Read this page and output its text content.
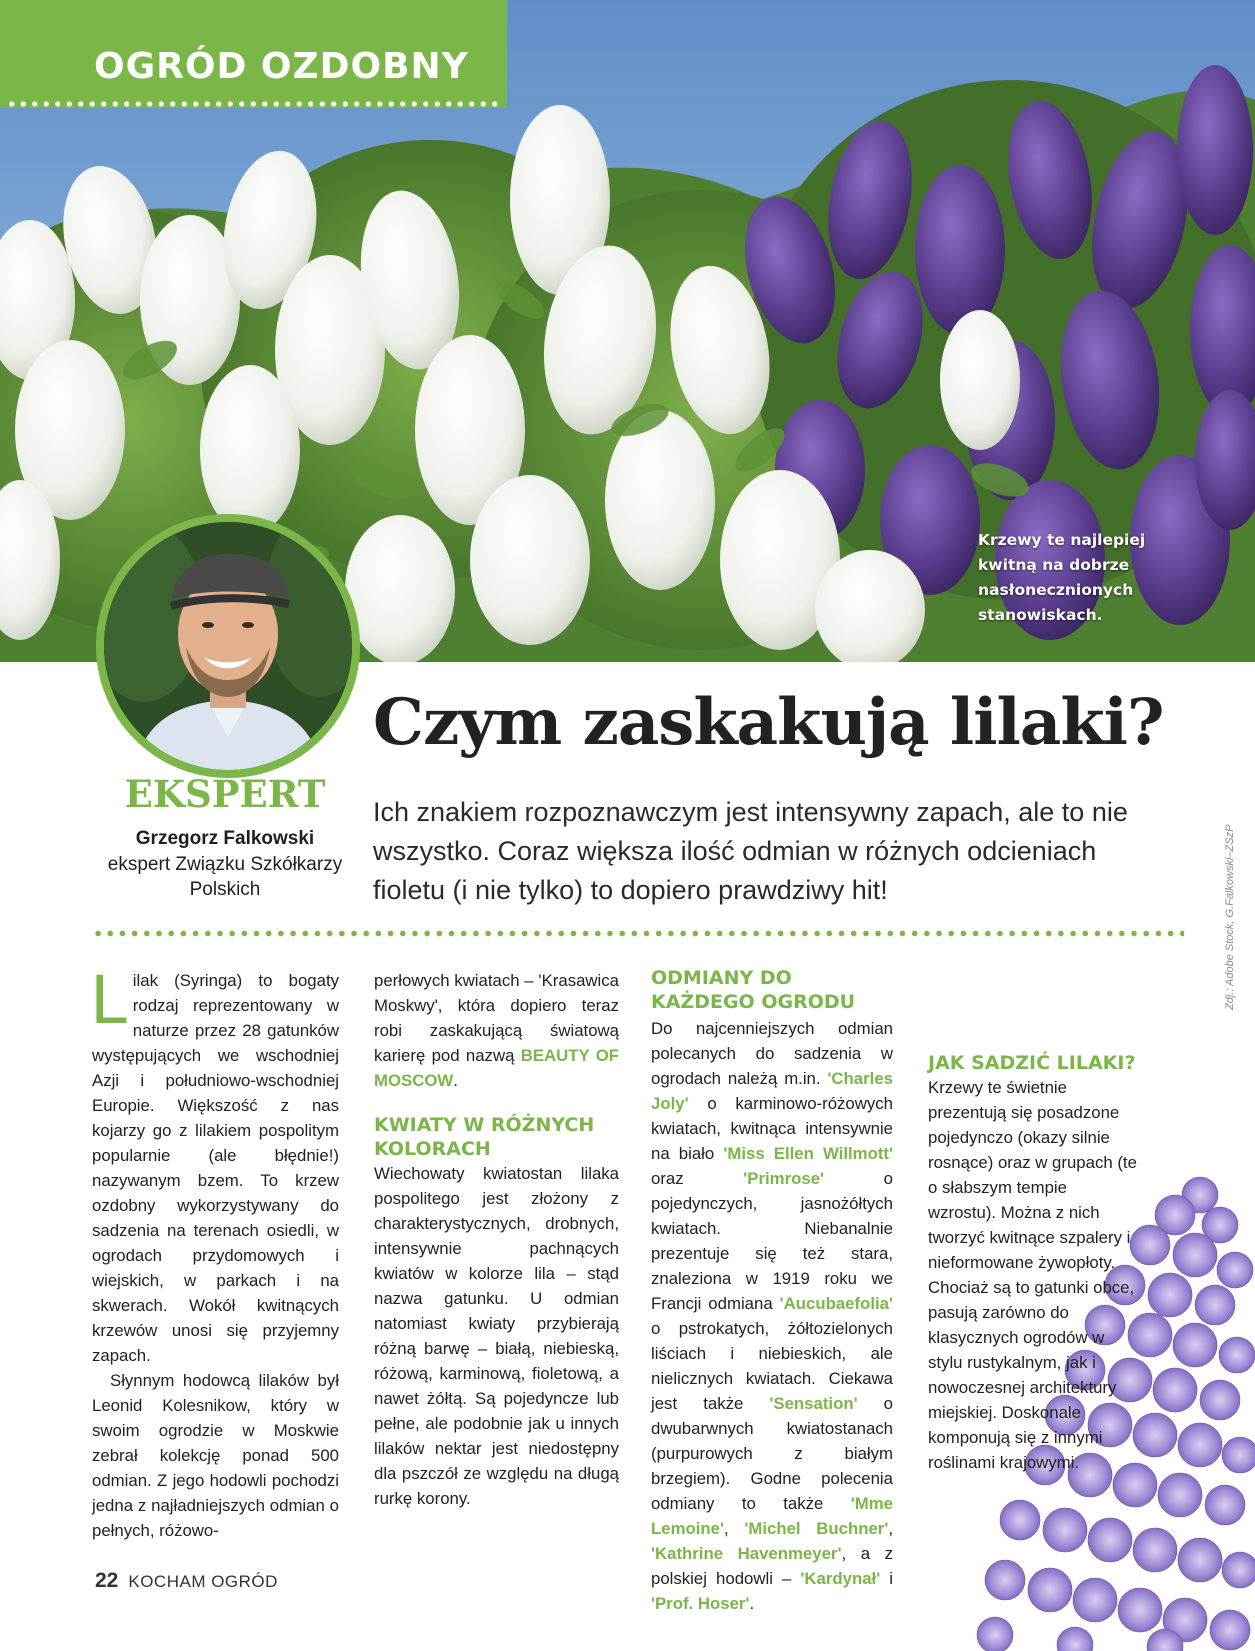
OGRÓD OZDOBNY
Krzewy te najlepiej kwitną na dobrze nasłonecznionych stanowiskach.
EKSPERT
Grzegorz Falkowski
ekspert Związku Szkółkarzy Polskich
Czym zaskakują lilaki?

Ich znakiem rozpoznawczym jest intensywny zapach, ale to nie wszystko. Coraz większa ilość odmian w różnych odcieniach fioletu (i nie tylko) to dopiero prawdziwy hit!

L ilak (Syringa) to bogaty rodzaj reprezentowany w naturze przez 28 gatunków występujących we wschodniej Azji i południowo-wschodniej Europie. Większość z nas kojarzy go z lilakiem pospolitym popularnie (ale błędnie!) nazywanym bzem. To krzew ozdobny wykorzystywany do sadzenia na terenach osiedli, w ogrodach przydomowych i wiejskich, w parkach i na skwerach. Wokół kwitnących krzewów unosi się przyjemny zapach.

Słynnym hodowcą lilaków był Leonid Kolesnikow, który w swoim ogrodzie w Moskwie zebrał kolekcję ponad 500 odmian. Z jego hodowli pochodzi jedna z najładniejszych odmian o pełnych, różowo-

perłowych kwiatach – 'Krasawica Moskwy', która dopiero teraz robi zaskakującą światową karierę pod nazwą BEAUTY OF MOSCOW.

KWIATY W RÓŻNYCH KOLORACH

Wiechowaty kwiatostan lilaka pospolitego jest złożony z charakterystycznych, drobnych, intensywnie pachnących kwiatów w kolorze lila – stąd nazwa gatunku. U odmian natomiast kwiaty przybierają różną barwę – białą, niebieską, różową, karminową, fioletową, a nawet żółtą. Są pojedyncze lub pełne, ale podobnie jak u innych lilaków nektar jest niedostępny dla pszczół ze względu na długą rurkę korony.

ODMIANY DO KAŻDEGO OGRODU

Do najcenniejszych odmian polecanych do sadzenia w ogrodach należą m.in. 'Charles Joly' o karminowo-różowych kwiatach, kwitnąca intensywnie na biało 'Miss Ellen Willmott' oraz 'Primrose' o pojedynczych, jasnożółtych kwiatach. Niebanalnie prezentuje się też stara, znaleziona w 1919 roku we Francji odmiana 'Aucubaefolia' o pstrokatych, żółtozielonych liściach i niebieskich, ale nielicznych kwiatach. Ciekawa jest także 'Sensation' o dwubarwnych kwiatostanach (purpurowych z białym brzegiem). Godne polecenia odmiany to także 'Mme Lemoine', 'Michel Buchner', 'Kathrine Havenmeyer', a z polskiej hodowli – 'Kardynał' i 'Prof. Hoser'.

JAK SADZIĆ LILAKI?

Krzewy te świetnie prezentują się posadzone pojedynczo (okazy silnie rosnące) oraz w grupach (te o słabszym tempie wzrostu). Można z nich tworzyć kwitnące szpalery i nieformowane żywopłoty. Chociaż są to gatunki obce, pasują zarówno do klasycznych ogrodów w stylu rustykalnym, jak i nowoczesnej architektury miejskiej. Doskonale komponują się z innymi roślinami krajowymi.

Zdj.: Adobe Stock, G.Falkowski–ZSzP
22 KOCHAM OGRÓD
